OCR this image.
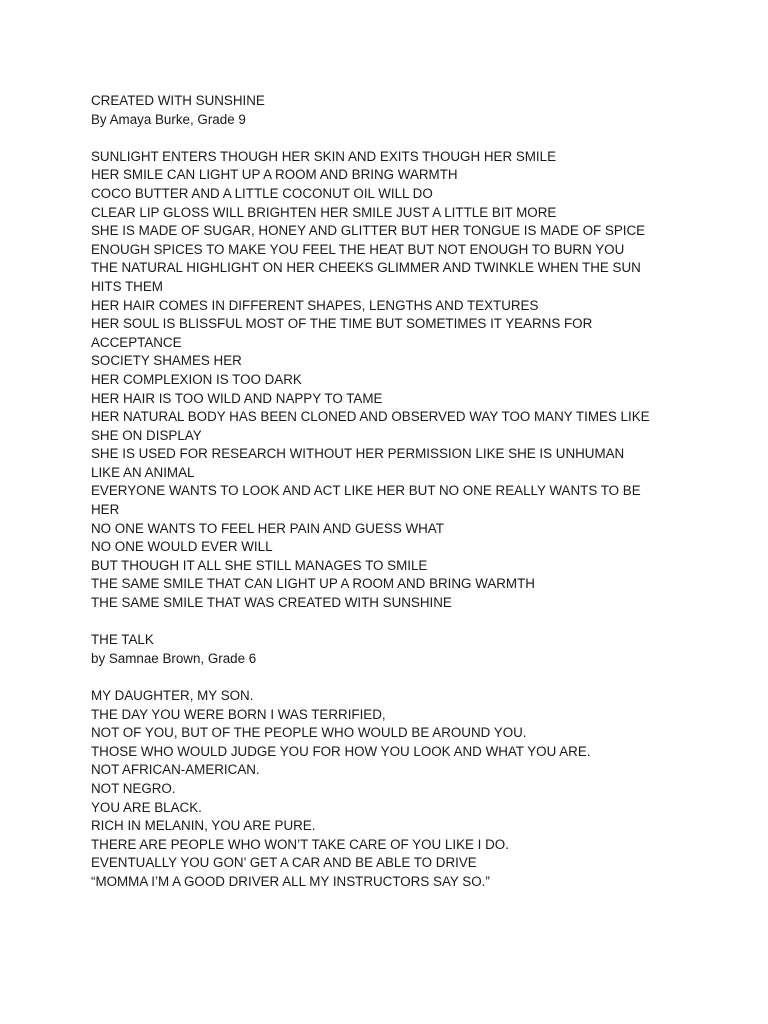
CREATED WITH SUNSHINE
By Amaya Burke, Grade 9
SUNLIGHT ENTERS THOUGH HER SKIN AND EXITS THOUGH HER SMILE
HER SMILE CAN LIGHT UP A ROOM AND BRING WARMTH
COCO BUTTER AND A LITTLE COCONUT OIL WILL DO
CLEAR LIP GLOSS WILL BRIGHTEN HER SMILE JUST A LITTLE BIT MORE
SHE IS MADE OF SUGAR, HONEY AND GLITTER BUT HER TONGUE IS MADE OF SPICE
ENOUGH SPICES TO MAKE YOU FEEL THE HEAT BUT NOT ENOUGH TO BURN YOU
THE NATURAL HIGHLIGHT ON HER CHEEKS GLIMMER AND TWINKLE WHEN THE SUN
HITS THEM
HER HAIR COMES IN DIFFERENT SHAPES, LENGTHS AND TEXTURES
HER SOUL IS BLISSFUL MOST OF THE TIME BUT SOMETIMES IT YEARNS FOR
ACCEPTANCE
SOCIETY SHAMES HER
HER COMPLEXION IS TOO DARK
HER HAIR IS TOO WILD AND NAPPY TO TAME
HER NATURAL BODY HAS BEEN CLONED AND OBSERVED WAY TOO MANY TIMES LIKE
SHE ON DISPLAY
SHE IS USED FOR RESEARCH WITHOUT HER PERMISSION LIKE SHE IS UNHUMAN
LIKE AN ANIMAL
EVERYONE WANTS TO LOOK AND ACT LIKE HER BUT NO ONE REALLY WANTS TO BE
HER
NO ONE WANTS TO FEEL HER PAIN AND GUESS WHAT
NO ONE WOULD EVER WILL
BUT THOUGH IT ALL SHE STILL MANAGES TO SMILE
THE SAME SMILE THAT CAN LIGHT UP A ROOM AND BRING WARMTH
THE SAME SMILE THAT WAS CREATED WITH SUNSHINE
THE TALK
by Samnae Brown, Grade 6
MY DAUGHTER, MY SON.
THE DAY YOU WERE BORN I WAS TERRIFIED,
NOT OF YOU, BUT OF THE PEOPLE WHO WOULD BE AROUND YOU.
THOSE WHO WOULD JUDGE YOU FOR HOW YOU LOOK AND WHAT YOU ARE.
NOT AFRICAN-AMERICAN.
NOT NEGRO.
YOU ARE BLACK.
RICH IN MELANIN, YOU ARE PURE.
THERE ARE PEOPLE WHO WON’T TAKE CARE OF YOU LIKE I DO.
EVENTUALLY YOU GON’ GET A CAR AND BE ABLE TO DRIVE
“MOMMA I’M A GOOD DRIVER ALL MY INSTRUCTORS SAY SO.”
